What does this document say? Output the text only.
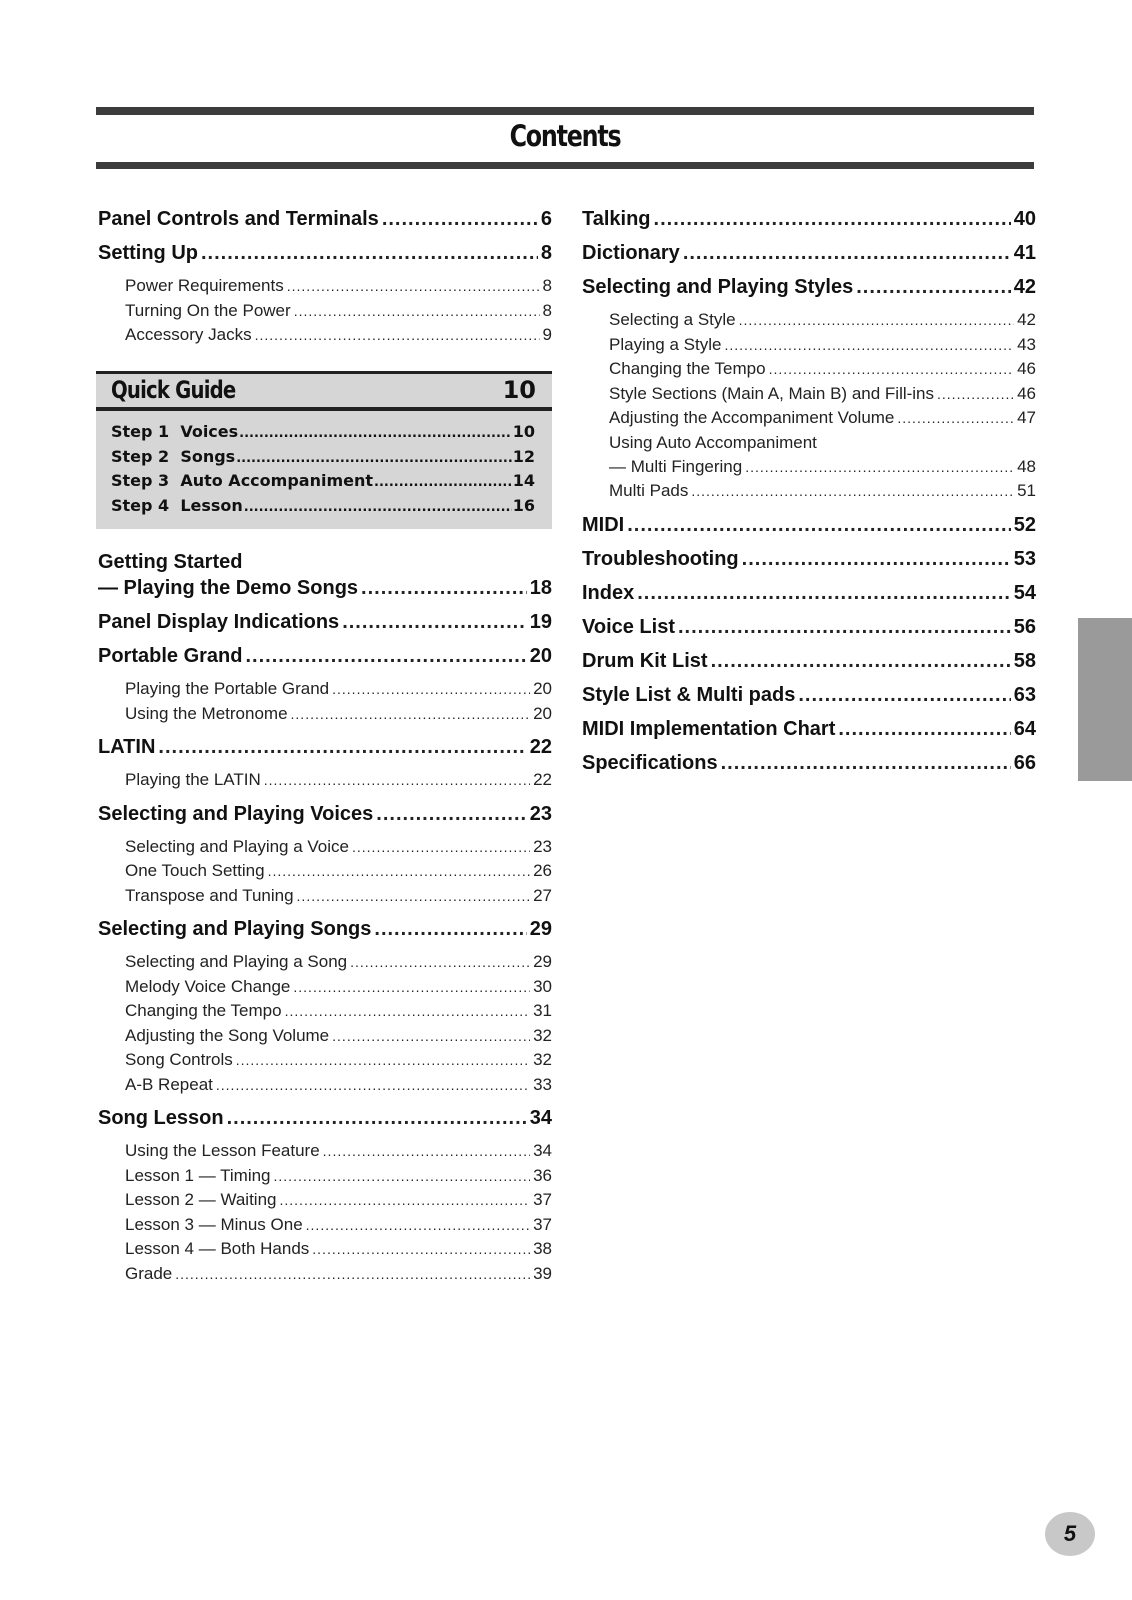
Contents
Panel Controls and Terminals .....	6
Setting Up .....	8
Power Requirements .....	8
Turning On the Power .....	8
Accessory Jacks .....	9
Quick Guide	10
Step 1  Voices .....	10
Step 2  Songs .....	12
Step 3  Auto Accompaniment .....	14
Step 4  Lesson .....	16
Getting Started
— Playing the Demo Songs .....	18
Panel Display Indications .....	19
Portable Grand .....	20
Playing the Portable Grand .....	20
Using the Metronome .....	20
LATIN .....	22
Playing the LATIN .....	22
Selecting and Playing Voices .....	23
Selecting and Playing a Voice .....	23
One Touch Setting .....	26
Transpose and Tuning .....	27
Selecting and Playing Songs .....	29
Selecting and Playing a Song .....	29
Melody Voice Change .....	30
Changing the Tempo .....	31
Adjusting the Song Volume .....	32
Song Controls .....	32
A-B Repeat .....	33
Song Lesson .....	34
Using the Lesson Feature .....	34
Lesson 1 — Timing .....	36
Lesson 2 — Waiting .....	37
Lesson 3 — Minus One .....	37
Lesson 4 — Both Hands .....	38
Grade .....	39
Talking .....	40
Dictionary .....	41
Selecting and Playing Styles .....	42
Selecting a Style .....	42
Playing a Style .....	43
Changing the Tempo .....	46
Style Sections (Main A, Main B) and Fill-ins .....	46
Adjusting the Accompaniment Volume .....	47
Using Auto Accompaniment
— Multi Fingering .....	48
Multi Pads .....	51
MIDI .....	52
Troubleshooting .....	53
Index .....	54
Voice List .....	56
Drum Kit List .....	58
Style List & Multi pads .....	63
MIDI Implementation Chart .....	64
Specifications .....	66
5
